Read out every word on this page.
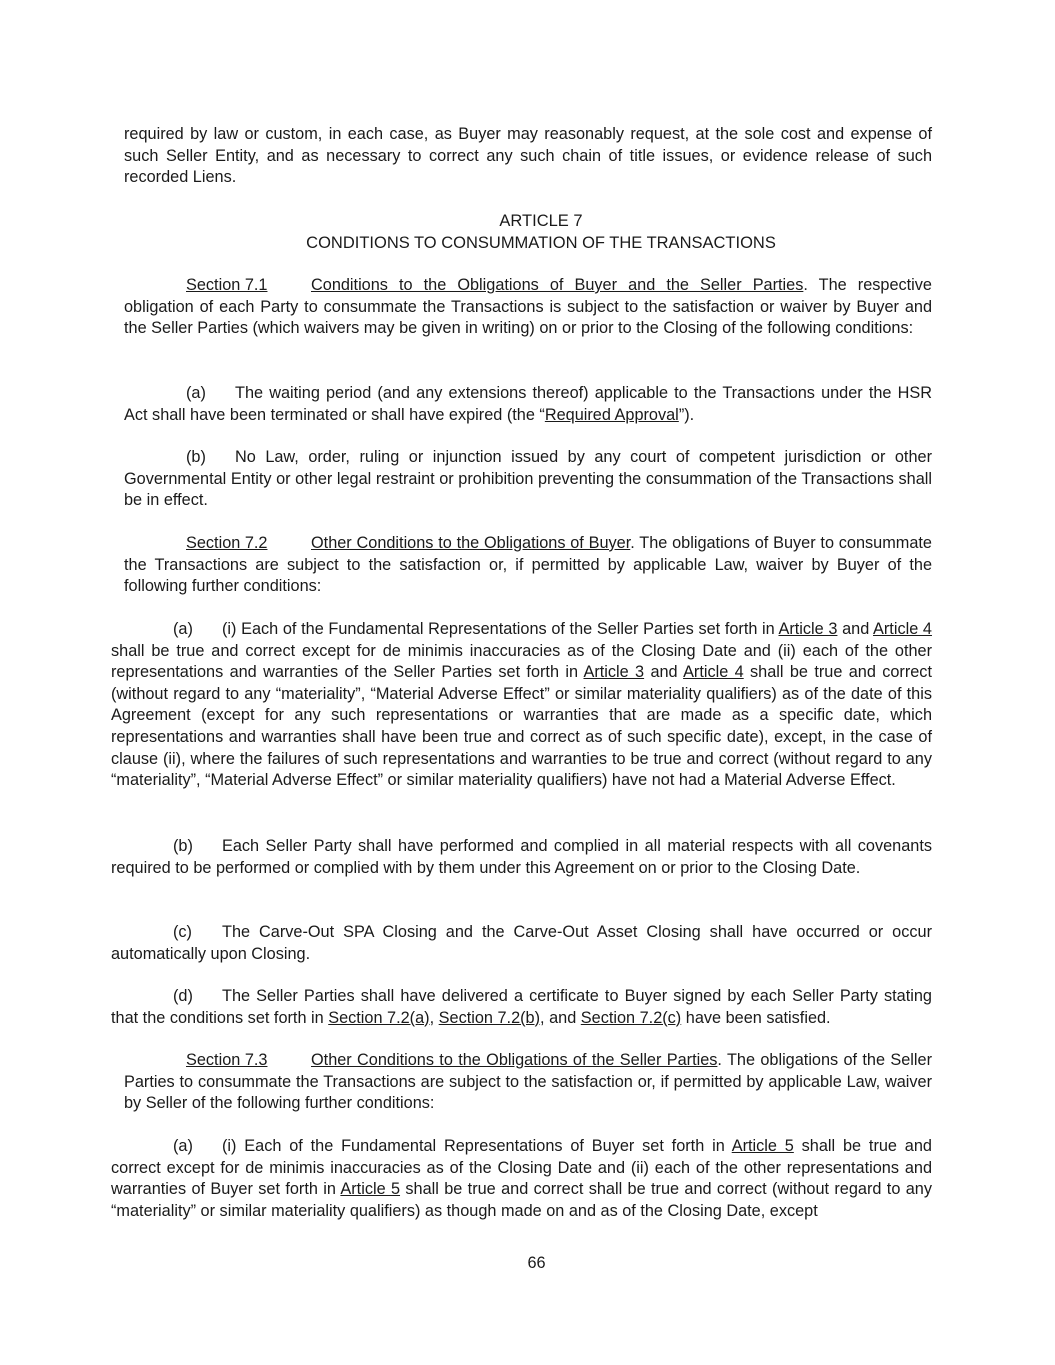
required by law or custom, in each case, as Buyer may reasonably request, at the sole cost and expense of such Seller Entity, and as necessary to correct any such chain of title issues, or evidence release of such recorded Liens.

ARTICLE 7

CONDITIONS TO CONSUMMATION OF THE TRANSACTIONS

Section 7.1	Conditions to the Obligations of Buyer and the Seller Parties. The respective obligation of each Party to consummate the Transactions is subject to the satisfaction or waiver by Buyer and the Seller Parties (which waivers may be given in writing) on or prior to the Closing of the following conditions:

(a) The waiting period (and any extensions thereof) applicable to the Transactions under the HSR Act shall have been terminated or shall have expired (the “Required Approval”).

(b) No Law, order, ruling or injunction issued by any court of competent jurisdiction or other Governmental Entity or other legal restraint or prohibition preventing the consummation of the Transactions shall be in effect.

Section 7.2	Other Conditions to the Obligations of Buyer. The obligations of Buyer to consummate the Transactions are subject to the satisfaction or, if permitted by applicable Law, waiver by Buyer of the following further conditions:

(a) (i) Each of the Fundamental Representations of the Seller Parties set forth in Article 3 and Article 4 shall be true and correct except for de minimis inaccuracies as of the Closing Date and (ii) each of the other representations and warranties of the Seller Parties set forth in Article 3 and Article 4 shall be true and correct (without regard to any “materiality”, “Material Adverse Effect” or similar materiality qualifiers) as of the date of this Agreement (except for any such representations or warranties that are made as a specific date, which representations and warranties shall have been true and correct as of such specific date), except, in the case of clause (ii), where the failures of such representations and warranties to be true and correct (without regard to any “materiality”, “Material Adverse Effect” or similar materiality qualifiers) have not had a Material Adverse Effect.

(b) Each Seller Party shall have performed and complied in all material respects with all covenants required to be performed or complied with by them under this Agreement on or prior to the Closing Date.

(c) The Carve-Out SPA Closing and the Carve-Out Asset Closing shall have occurred or occur automatically upon Closing.

(d) The Seller Parties shall have delivered a certificate to Buyer signed by each Seller Party stating that the conditions set forth in Section 7.2(a), Section 7.2(b), and Section 7.2(c) have been satisfied.

Section 7.3	Other Conditions to the Obligations of the Seller Parties. The obligations of the Seller Parties to consummate the Transactions are subject to the satisfaction or, if permitted by applicable Law, waiver by Seller of the following further conditions:

(a) (i) Each of the Fundamental Representations of Buyer set forth in Article 5 shall be true and correct except for de minimis inaccuracies as of the Closing Date and (ii) each of the other representations and warranties of Buyer set forth in Article 5 shall be true and correct shall be true and correct (without regard to any “materiality” or similar materiality qualifiers) as though made on and as of the Closing Date, except

66
